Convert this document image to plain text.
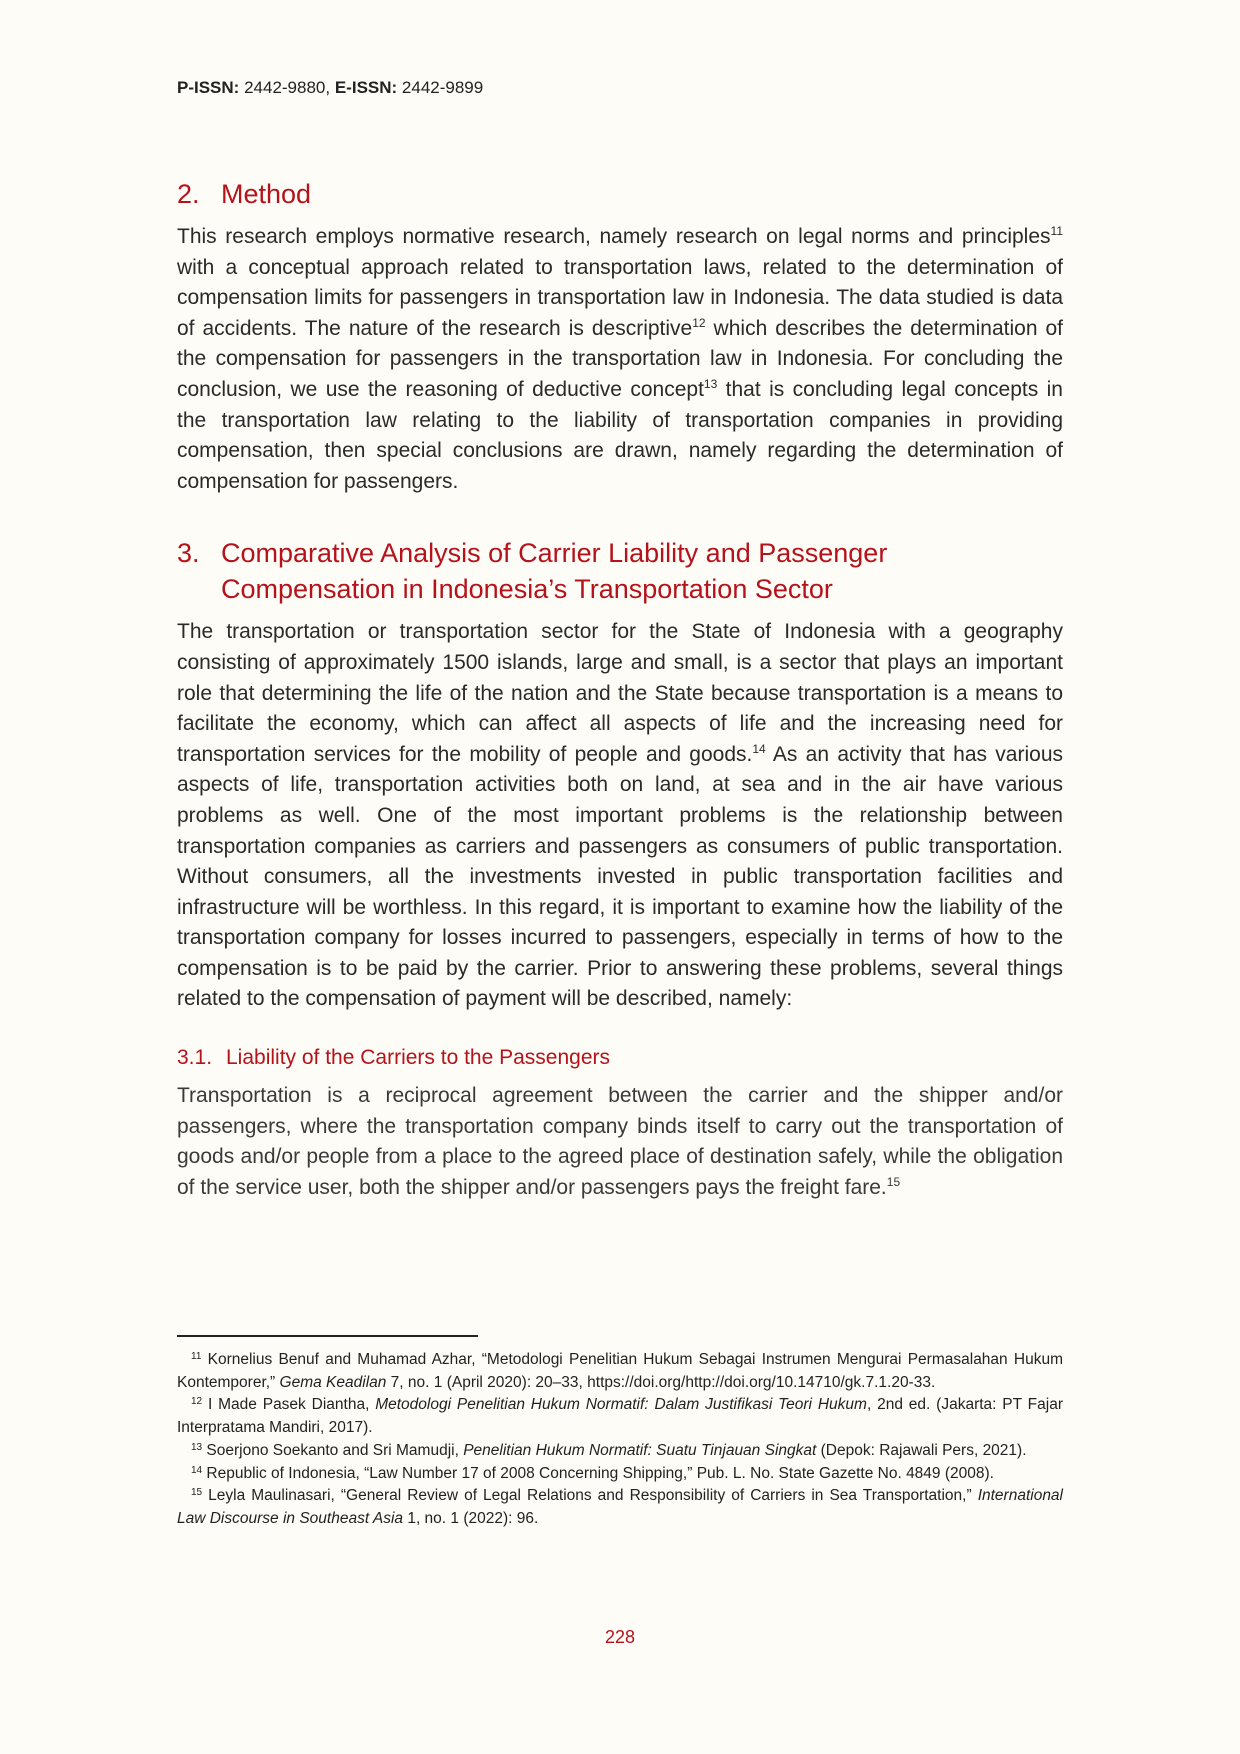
P-ISSN: 2442-9880, E-ISSN: 2442-9899
2. Method

This research employs normative research, namely research on legal norms and principles$^{11}$ with a conceptual approach related to transportation laws, related to the determination of compensation limits for passengers in transportation law in Indonesia. The data studied is data of accidents. The nature of the research is descriptive$^{12}$ which describes the determination of the compensation for passengers in the transportation law in Indonesia. For concluding the conclusion, we use the reasoning of deductive concept$^{13}$ that is concluding legal concepts in the transportation law relating to the liability of transportation companies in providing compensation, then special conclusions are drawn, namely regarding the determination of compensation for passengers.

3. Comparative Analysis of Carrier Liability and Passenger Compensation in Indonesia’s Transportation Sector

The transportation or transportation sector for the State of Indonesia with a geography consisting of approximately 1500 islands, large and small, is a sector that plays an important role that determining the life of the nation and the State because transportation is a means to facilitate the economy, which can affect all aspects of life and the increasing need for transportation services for the mobility of people and goods.$^{14}$ As an activity that has various aspects of life, transportation activities both on land, at sea and in the air have various problems as well. One of the most important problems is the relationship between transportation companies as carriers and passengers as consumers of public transportation. Without consumers, all the investments invested in public transportation facilities and infrastructure will be worthless. In this regard, it is important to examine how the liability of the transportation company for losses incurred to passengers, especially in terms of how to the compensation is to be paid by the carrier. Prior to answering these problems, several things related to the compensation of payment will be described, namely:

3.1. Liability of the Carriers to the Passengers

Transportation is a reciprocal agreement between the carrier and the shipper and/or passengers, where the transportation company binds itself to carry out the transportation of goods and/or people from a place to the agreed place of destination safely, while the obligation of the service user, both the shipper and/or passengers pays the freight fare.$^{15}$

$^{11}$ Kornelius Benuf and Muhamad Azhar, “Metodologi Penelitian Hukum Sebagai Instrumen Mengurai Permasalahan Hukum Kontemporer,” Gema Keadilan 7, no. 1 (April 2020): 20–33, https://doi.org/http://doi.org/10.14710/gk.7.1.20-33.

$^{12}$ I Made Pasek Diantha, Metodologi Penelitian Hukum Normatif: Dalam Justifikasi Teori Hukum, 2nd ed. (Jakarta: PT Fajar Interpratama Mandiri, 2017).

$^{13}$ Soerjono Soekanto and Sri Mamudji, Penelitian Hukum Normatif: Suatu Tinjauan Singkat (Depok: Rajawali Pers, 2021).

$^{14}$ Republic of Indonesia, “Law Number 17 of 2008 Concerning Shipping,” Pub. L. No. State Gazette No. 4849 (2008).

$^{15}$ Leyla Maulinasari, “General Review of Legal Relations and Responsibility of Carriers in Sea Transportation,” International Law Discourse in Southeast Asia 1, no. 1 (2022): 96.

228
